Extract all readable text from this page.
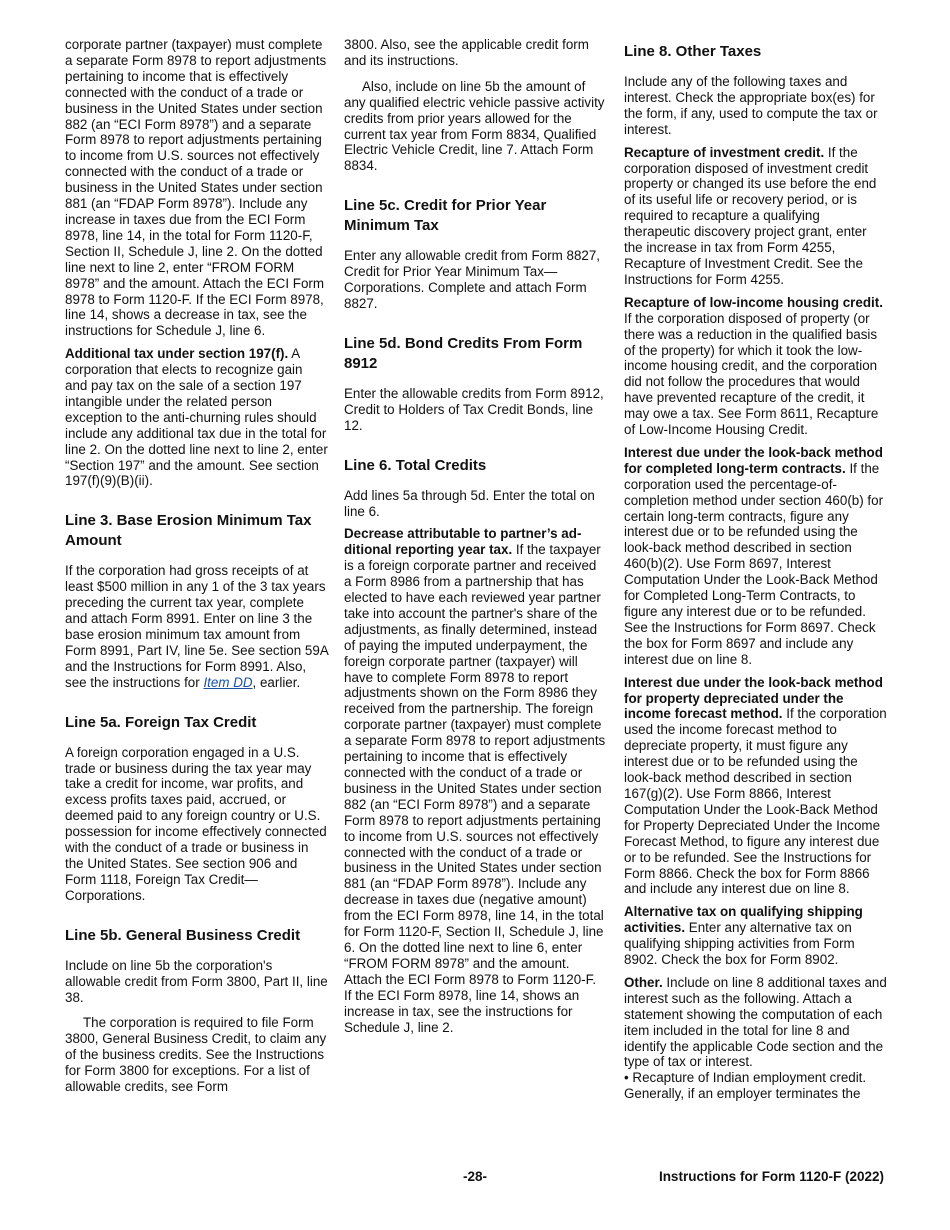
corporate partner (taxpayer) must complete a separate Form 8978 to report adjustments pertaining to income that is effectively connected with the conduct of a trade or business in the United States under section 882 (an “ECI Form 8978”) and a separate Form 8978 to report adjustments pertaining to income from U.S. sources not effectively connected with the conduct of a trade or business in the United States under section 881 (an “FDAP Form 8978”). Include any increase in taxes due from the ECI Form 8978, line 14, in the total for Form 1120-F, Section II, Schedule J, line 2. On the dotted line next to line 2, enter “FROM FORM 8978” and the amount. Attach the ECI Form 8978 to Form 1120-F. If the ECI Form 8978, line 14, shows a decrease in tax, see the instructions for Schedule J, line 6.

Additional tax under section 197(f). A corporation that elects to recognize gain and pay tax on the sale of a section 197 intangible under the related person exception to the anti-churning rules should include any additional tax due in the total for line 2. On the dotted line next to line 2, enter “Section 197” and the amount. See section 197(f)(9)(B)(ii).

Line 3. Base Erosion Minimum Tax Amount

If the corporation had gross receipts of at least $500 million in any 1 of the 3 tax years preceding the current tax year, complete and attach Form 8991. Enter on line 3 the base erosion minimum tax amount from Form 8991, Part IV, line 5e. See section 59A and the Instructions for Form 8991. Also, see the instructions for Item DD, earlier.

Line 5a. Foreign Tax Credit

A foreign corporation engaged in a U.S. trade or business during the tax year may take a credit for income, war profits, and excess profits taxes paid, accrued, or deemed paid to any foreign country or U.S. possession for income effectively connected with the conduct of a trade or business in the United States. See section 906 and Form 1118, Foreign Tax Credit—Corporations.

Line 5b. General Business Credit

Include on line 5b the corporation's allowable credit from Form 3800, Part II, line 38.

The corporation is required to file Form 3800, General Business Credit, to claim any of the business credits. See the Instructions for Form 3800 for exceptions. For a list of allowable credits, see Form

3800. Also, see the applicable credit form and its instructions.

Also, include on line 5b the amount of any qualified electric vehicle passive activity credits from prior years allowed for the current tax year from Form 8834, Qualified Electric Vehicle Credit, line 7. Attach Form 8834.

Line 5c. Credit for Prior Year Minimum Tax

Enter any allowable credit from Form 8827, Credit for Prior Year Minimum Tax—Corporations. Complete and attach Form 8827.

Line 5d. Bond Credits From Form 8912

Enter the allowable credits from Form 8912, Credit to Holders of Tax Credit Bonds, line 12.

Line 6. Total Credits

Add lines 5a through 5d. Enter the total on line 6.

Decrease attributable to partner’s additional reporting year tax. If the taxpayer is a foreign corporate partner and received a Form 8986 from a partnership that has elected to have each reviewed year partner take into account the partner's share of the adjustments, as finally determined, instead of paying the imputed underpayment, the foreign corporate partner (taxpayer) will have to complete Form 8978 to report adjustments shown on the Form 8986 they received from the partnership. The foreign corporate partner (taxpayer) must complete a separate Form 8978 to report adjustments pertaining to income that is effectively connected with the conduct of a trade or business in the United States under section 882 (an “ECI Form 8978”) and a separate Form 8978 to report adjustments pertaining to income from U.S. sources not effectively connected with the conduct of a trade or business in the United States under section 881 (an “FDAP Form 8978”). Include any decrease in taxes due (negative amount) from the ECI Form 8978, line 14, in the total for Form 1120-F, Section II, Schedule J, line 6. On the dotted line next to line 6, enter “FROM FORM 8978” and the amount. Attach the ECI Form 8978 to Form 1120-F. If the ECI Form 8978, line 14, shows an increase in tax, see the instructions for Schedule J, line 2.

Line 8. Other Taxes

Include any of the following taxes and interest. Check the appropriate box(es) for the form, if any, used to compute the tax or interest.

Recapture of investment credit. If the corporation disposed of investment credit property or changed its use before the end of its useful life or recovery period, or is required to recapture a qualifying therapeutic discovery project grant, enter the increase in tax from Form 4255, Recapture of Investment Credit. See the Instructions for Form 4255.

Recapture of low-income housing credit. If the corporation disposed of property (or there was a reduction in the qualified basis of the property) for which it took the low-income housing credit, and the corporation did not follow the procedures that would have prevented recapture of the credit, it may owe a tax. See Form 8611, Recapture of Low-Income Housing Credit.

Interest due under the look-back method for completed long-term contracts. If the corporation used the percentage-of-completion method under section 460(b) for certain long-term contracts, figure any interest due or to be refunded using the look-back method described in section 460(b)(2). Use Form 8697, Interest Computation Under the Look-Back Method for Completed Long-Term Contracts, to figure any interest due or to be refunded. See the Instructions for Form 8697. Check the box for Form 8697 and include any interest due on line 8.

Interest due under the look-back method for property depreciated under the income forecast method. If the corporation used the income forecast method to depreciate property, it must figure any interest due or to be refunded using the look-back method described in section 167(g)(2). Use Form 8866, Interest Computation Under the Look-Back Method for Property Depreciated Under the Income Forecast Method, to figure any interest due or to be refunded. See the Instructions for Form 8866. Check the box for Form 8866 and include any interest due on line 8.

Alternative tax on qualifying shipping activities. Enter any alternative tax on qualifying shipping activities from Form 8902. Check the box for Form 8902.

Other. Include on line 8 additional taxes and interest such as the following. Attach a statement showing the computation of each item included in the total for line 8 and identify the applicable Code section and the type of tax or interest.

• Recapture of Indian employment credit. Generally, if an employer terminates the

-28-	Instructions for Form 1120-F (2022)
